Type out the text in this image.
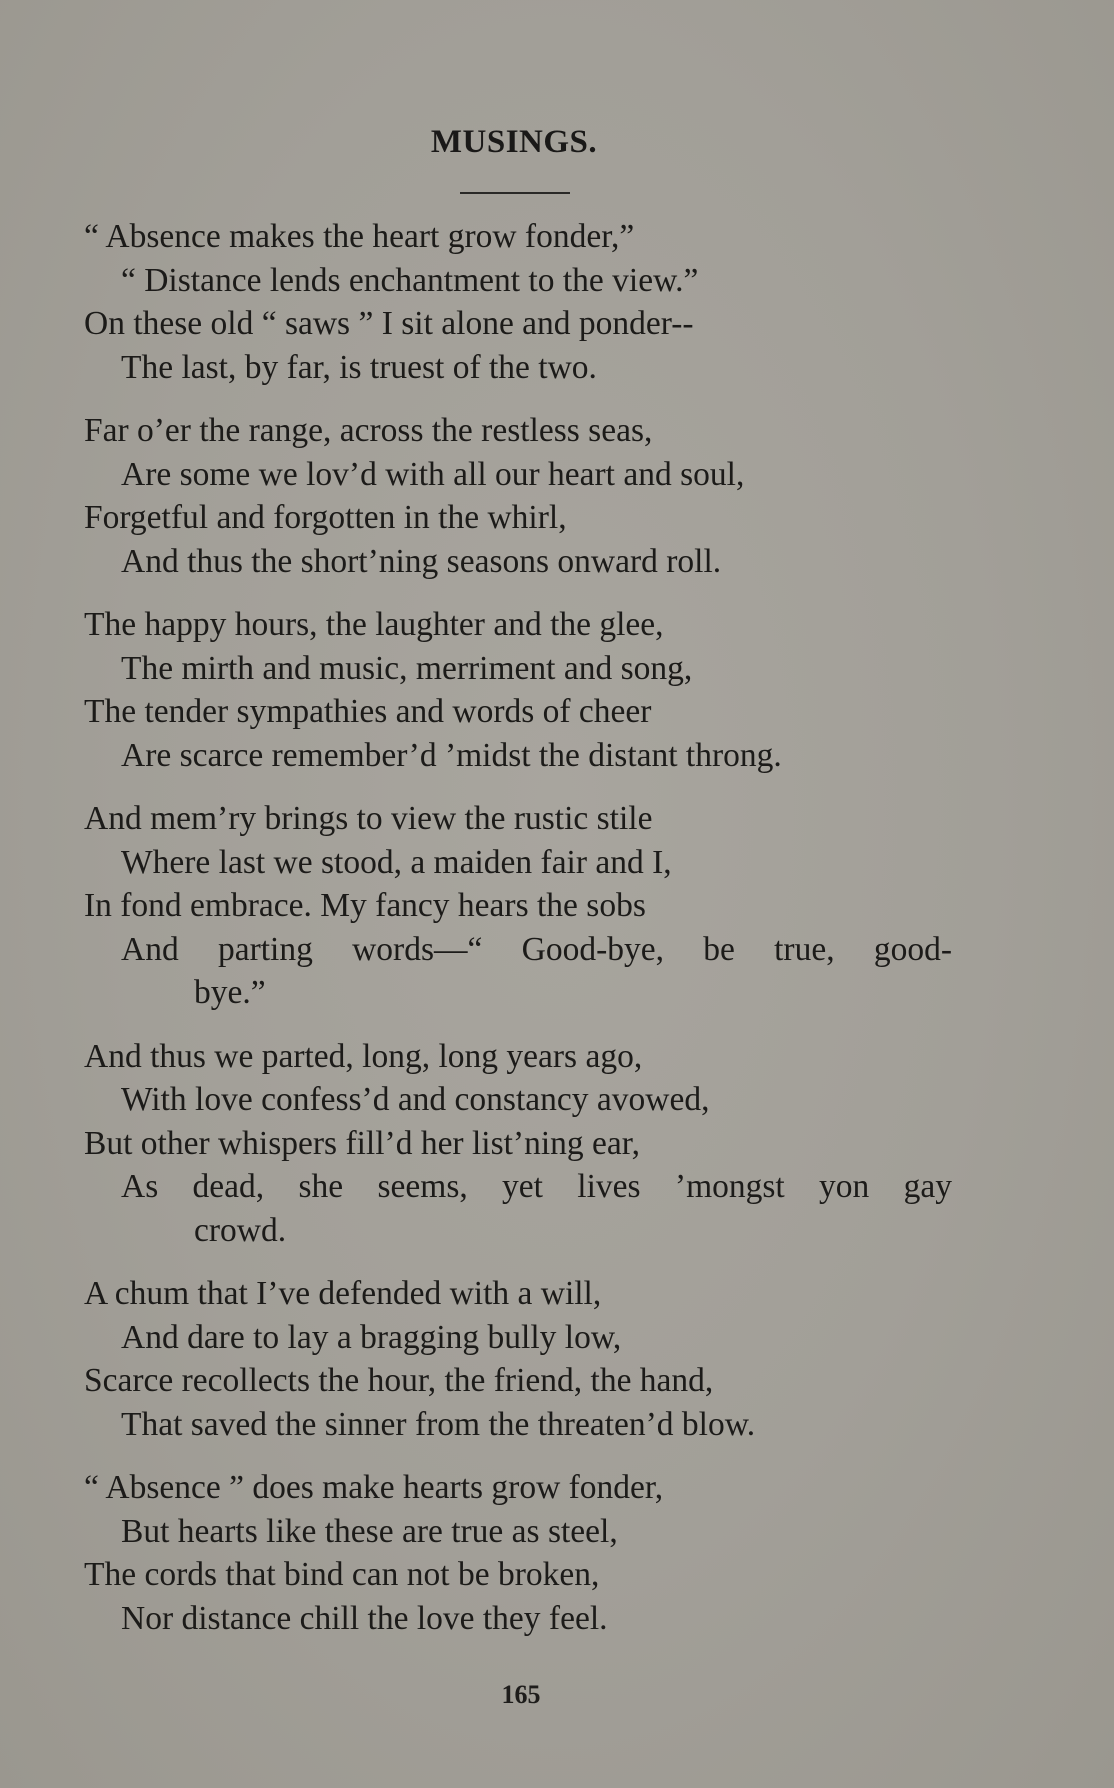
MUSINGS.
“ Absence makes the heart grow fonder,”
“ Distance lends enchantment to the view.”
On these old “ saws ” I sit alone and ponder--
The last, by far, is truest of the two.
Far o’er the range, across the restless seas,
Are some we lov’d with all our heart and soul,
Forgetful and forgotten in the whirl,
And thus the short’ning seasons onward roll.
The happy hours, the laughter and the glee,
The mirth and music, merriment and song,
The tender sympathies and words of cheer
Are scarce remember’d ’midst the distant throng.
And mem’ry brings to view the rustic stile
Where last we stood, a maiden fair and I,
In fond embrace. My fancy hears the sobs
And parting words—“ Good-bye, be true, good-
bye.”
And thus we parted, long, long years ago,
With love confess’d and constancy avowed,
But other whispers fill’d her list’ning ear,
As dead, she seems, yet lives ’mongst yon gay
crowd.
A chum that I’ve defended with a will,
And dare to lay a bragging bully low,
Scarce recollects the hour, the friend, the hand,
That saved the sinner from the threaten’d blow.
“ Absence ” does make hearts grow fonder,
But hearts like these are true as steel,
The cords that bind can not be broken,
Nor distance chill the love they feel.
165
